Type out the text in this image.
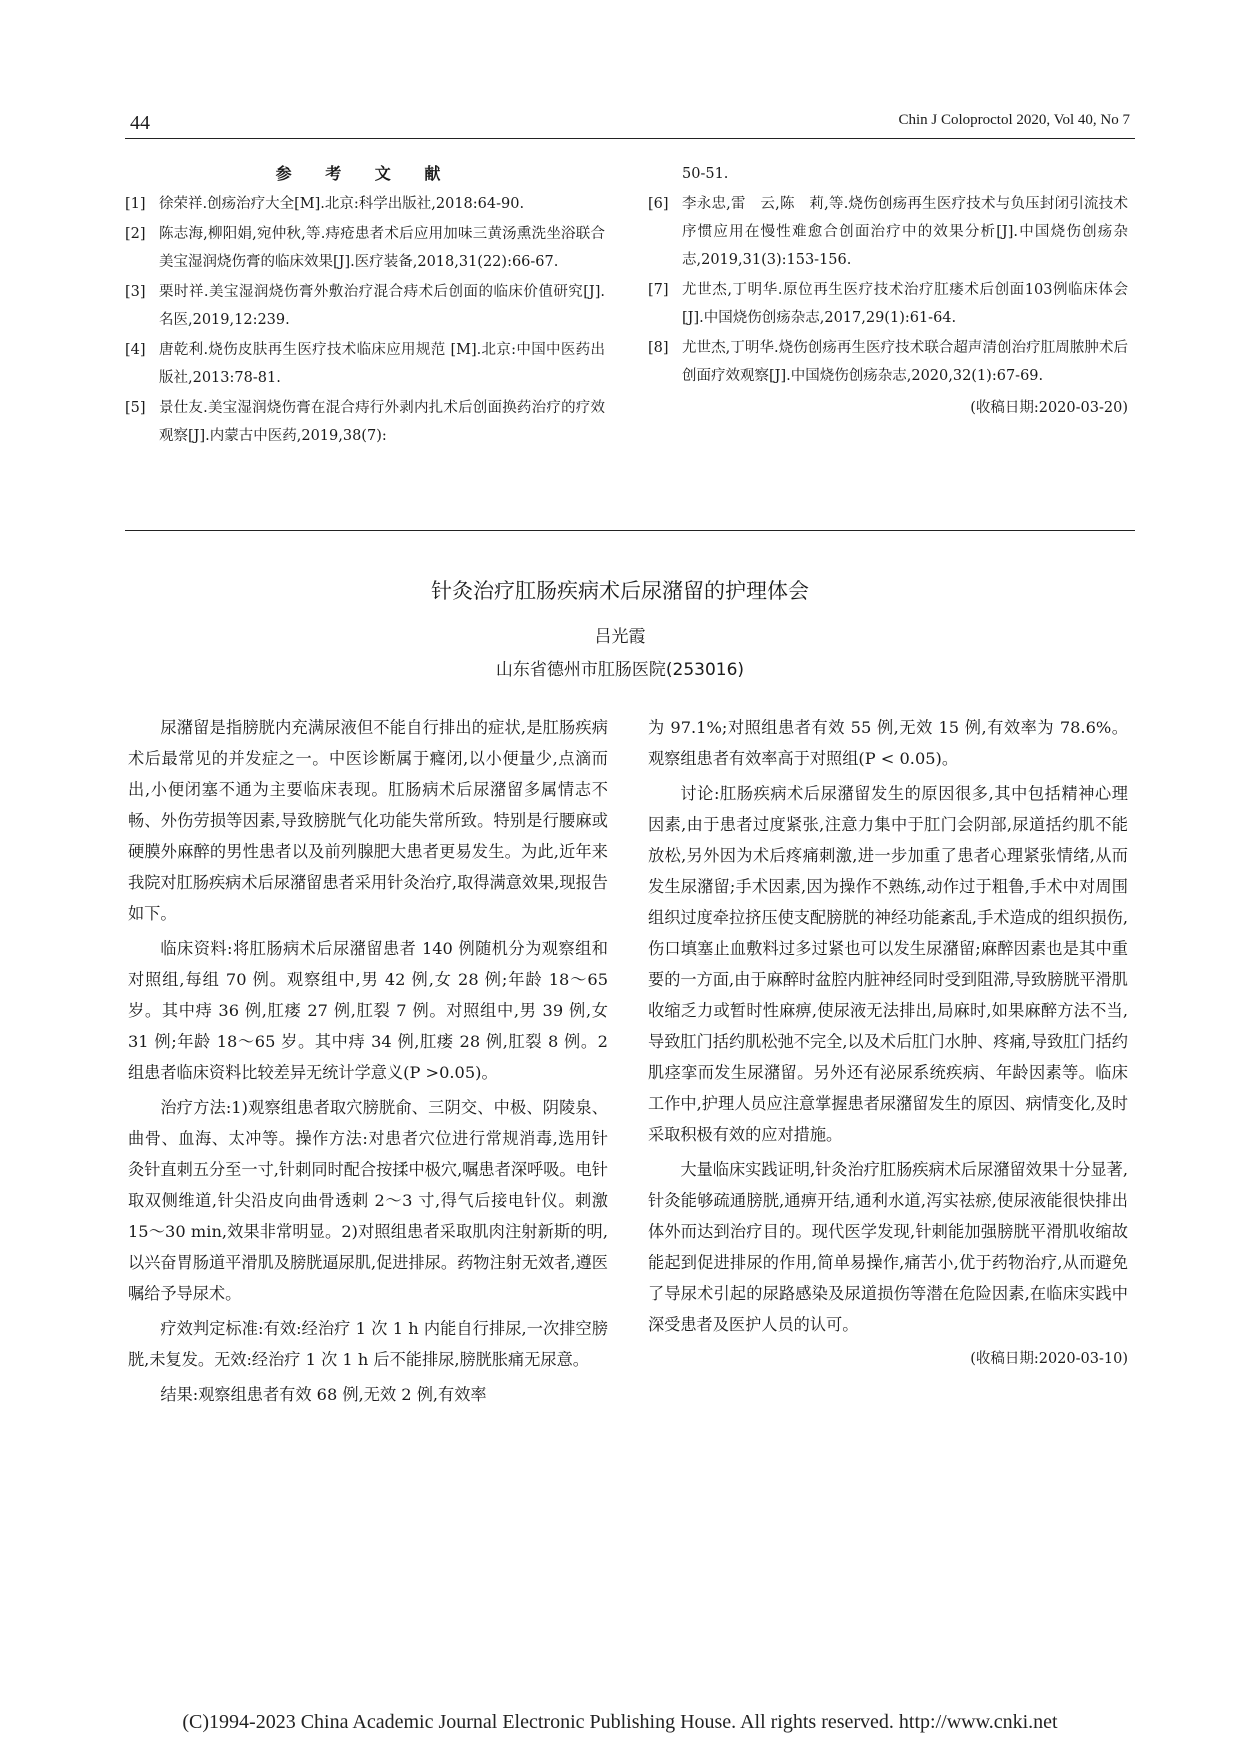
44	Chin J Coloproctol 2020, Vol 40, No 7
参 考 文 献
[1] 徐荣祥.创疡治疗大全[M].北京:科学出版社,2018:64-90.
[2] 陈志海,柳阳娟,宛仲秋,等.痔疮患者术后应用加味三黄汤熏洗坐浴联合美宝湿润烧伤膏的临床效果[J].医疗装备,2018,31(22):66-67.
[3] 栗时祥.美宝湿润烧伤膏外敷治疗混合痔术后创面的临床价值研究[J].名医,2019,12:239.
[4] 唐乾利.烧伤皮肤再生医疗技术临床应用规范 [M].北京:中国中医药出版社,2013:78-81.
[5] 景仕友.美宝湿润烧伤膏在混合痔行外剥内扎术后创面换药治疗的疗效观察[J].内蒙古中医药,2019,38(7):
50-51.
[6] 李永忠,雷　云,陈　莉,等.烧伤创疡再生医疗技术与负压封闭引流技术序惯应用在慢性难愈合创面治疗中的效果分析[J].中国烧伤创疡杂志,2019,31(3):153-156.
[7] 尤世杰,丁明华.原位再生医疗技术治疗肛瘘术后创面103例临床体会[J].中国烧伤创疡杂志,2017,29(1):61-64.
[8] 尤世杰,丁明华.烧伤创疡再生医疗技术联合超声清创治疗肛周脓肿术后创面疗效观察[J].中国烧伤创疡杂志,2020,32(1):67-69.
(收稿日期:2020-03-20)
针灸治疗肛肠疾病术后尿潴留的护理体会
吕光霞
山东省德州市肛肠医院(253016)

尿潴留是指膀胱内充满尿液但不能自行排出的症状,是肛肠疾病术后最常见的并发症之一。中医诊断属于癃闭,以小便量少,点滴而出,小便闭塞不通为主要临床表现。肛肠病术后尿潴留多属情志不畅、外伤劳损等因素,导致膀胱气化功能失常所致。特别是行腰麻或硬膜外麻醉的男性患者以及前列腺肥大患者更易发生。为此,近年来我院对肛肠疾病术后尿潴留患者采用针灸治疗,取得满意效果,现报告如下。

临床资料:将肛肠病术后尿潴留患者 140 例随机分为观察组和对照组,每组 70 例。观察组中,男 42 例,女 28 例;年龄 18～65 岁。其中痔 36 例,肛瘘 27 例,肛裂 7 例。对照组中,男 39 例,女 31 例;年龄 18～65 岁。其中痔 34 例,肛瘘 28 例,肛裂 8 例。2 组患者临床资料比较差异无统计学意义(P >0.05)。

治疗方法:1)观察组患者取穴膀胱俞、三阴交、中极、阴陵泉、曲骨、血海、太冲等。操作方法:对患者穴位进行常规消毒,选用针灸针直刺五分至一寸,针刺同时配合按揉中极穴,嘱患者深呼吸。电针取双侧维道,针尖沿皮向曲骨透刺 2～3 寸,得气后接电针仪。刺激 15～30 min,效果非常明显。2)对照组患者采取肌肉注射新斯的明,以兴奋胃肠道平滑肌及膀胱逼尿肌,促进排尿。药物注射无效者,遵医嘱给予导尿术。

疗效判定标准:有效:经治疗 1 次 1 h 内能自行排尿,一次排空膀胱,未复发。无效:经治疗 1 次 1 h 后不能排尿,膀胱胀痛无尿意。

结果:观察组患者有效 68 例,无效 2 例,有效率

为 97.1%;对照组患者有效 55 例,无效 15 例,有效率为 78.6%。观察组患者有效率高于对照组(P < 0.05)。

讨论:肛肠疾病术后尿潴留发生的原因很多,其中包括精神心理因素,由于患者过度紧张,注意力集中于肛门会阴部,尿道括约肌不能放松,另外因为术后疼痛刺激,进一步加重了患者心理紧张情绪,从而发生尿潴留;手术因素,因为操作不熟练,动作过于粗鲁,手术中对周围组织过度牵拉挤压使支配膀胱的神经功能紊乱,手术造成的组织损伤,伤口填塞止血敷料过多过紧也可以发生尿潴留;麻醉因素也是其中重要的一方面,由于麻醉时盆腔内脏神经同时受到阻滞,导致膀胱平滑肌收缩乏力或暂时性麻痹,使尿液无法排出,局麻时,如果麻醉方法不当,导致肛门括约肌松弛不完全,以及术后肛门水肿、疼痛,导致肛门括约肌痉挛而发生尿潴留。另外还有泌尿系统疾病、年龄因素等。临床工作中,护理人员应注意掌握患者尿潴留发生的原因、病情变化,及时采取积极有效的应对措施。

大量临床实践证明,针灸治疗肛肠疾病术后尿潴留效果十分显著,针灸能够疏通膀胱,通痹开结,通利水道,泻实祛瘀,使尿液能很快排出体外而达到治疗目的。现代医学发现,针刺能加强膀胱平滑肌收缩故能起到促进排尿的作用,简单易操作,痛苦小,优于药物治疗,从而避免了导尿术引起的尿路感染及尿道损伤等潜在危险因素,在临床实践中深受患者及医护人员的认可。

(收稿日期:2020-03-10)
(C)1994-2023 China Academic Journal Electronic Publishing House. All rights reserved. http://www.cnki.net
